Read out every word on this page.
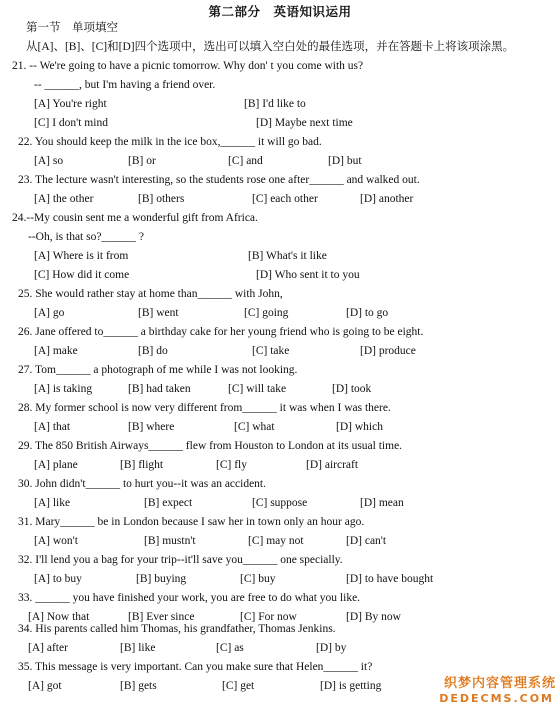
第二部分　英语知识运用
第一节　单项填空
从[A]、[B]、[C]和[D]四个选项中，选出可以填入空白处的最佳选项，并在答题卡上将该项涂黑。
21. -- We're going to have a picnic tomorrow. Why don' t you come with us?
-- ______, but I'm having a friend over.
[A] You're right	[B] I'd like to
[C] I don't mind	[D] Maybe next time
22. You should keep the milk in the ice box,______ it will go bad.
[A] so	[B] or	[C] and	[D] but
23. The lecture wasn't interesting, so the students rose one after______ and walked out.
[A] the other	[B] others	[C] each other	[D] another
24.--My cousin sent me a wonderful gift from Africa.
--Oh, is that so?______ ?
[A] Where is it from	[B] What's it like
[C] How did it come	[D] Who sent it to you
25. She would rather stay at home than______ with John,
[A] go	[B] went	[C] going	[D] to go
26. Jane offered to______ a birthday cake for her young friend who is going to be eight.
[A] make	[B] do	[C] take	[D] produce
27. Tom______ a photograph of me while I was not looking.
[A] is taking	[B] had taken	[C] will take	[D] took
28. My former school is now very different from______ it was when I was there.
[A] that	[B] where	[C] what	[D] which
29. The 850 British Airways______ flew from Houston to London at its usual time.
[A] plane	[B] flight	[C] fly	[D] aircraft
30. John didn't______ to hurt you--it was an accident.
[A] like	[B] expect	[C] suppose	[D] mean
31. Mary______ be in London because I saw her in town only an hour ago.
[A] won't	[B] mustn't	[C] may not	[D] can't
32. I'll lend you a bag for your trip--it'll save you______ one specially.
[A] to buy	[B] buying	[C] buy	[D] to have bought
33. ______ you have finished your work, you are free to do what you like.
[A] Now that	[B] Ever since	[C] For now	[D] By now
34. His parents called him Thomas, his grandfather, Thomas Jenkins.
[A] after	[B] like	[C] as	[D] by
35. This message is very important. Can you make sure that Helen______ it?
[A] got	[B] gets	[C] get	[D] is getting	织梦内容管理系统
DEDECMS.COM
